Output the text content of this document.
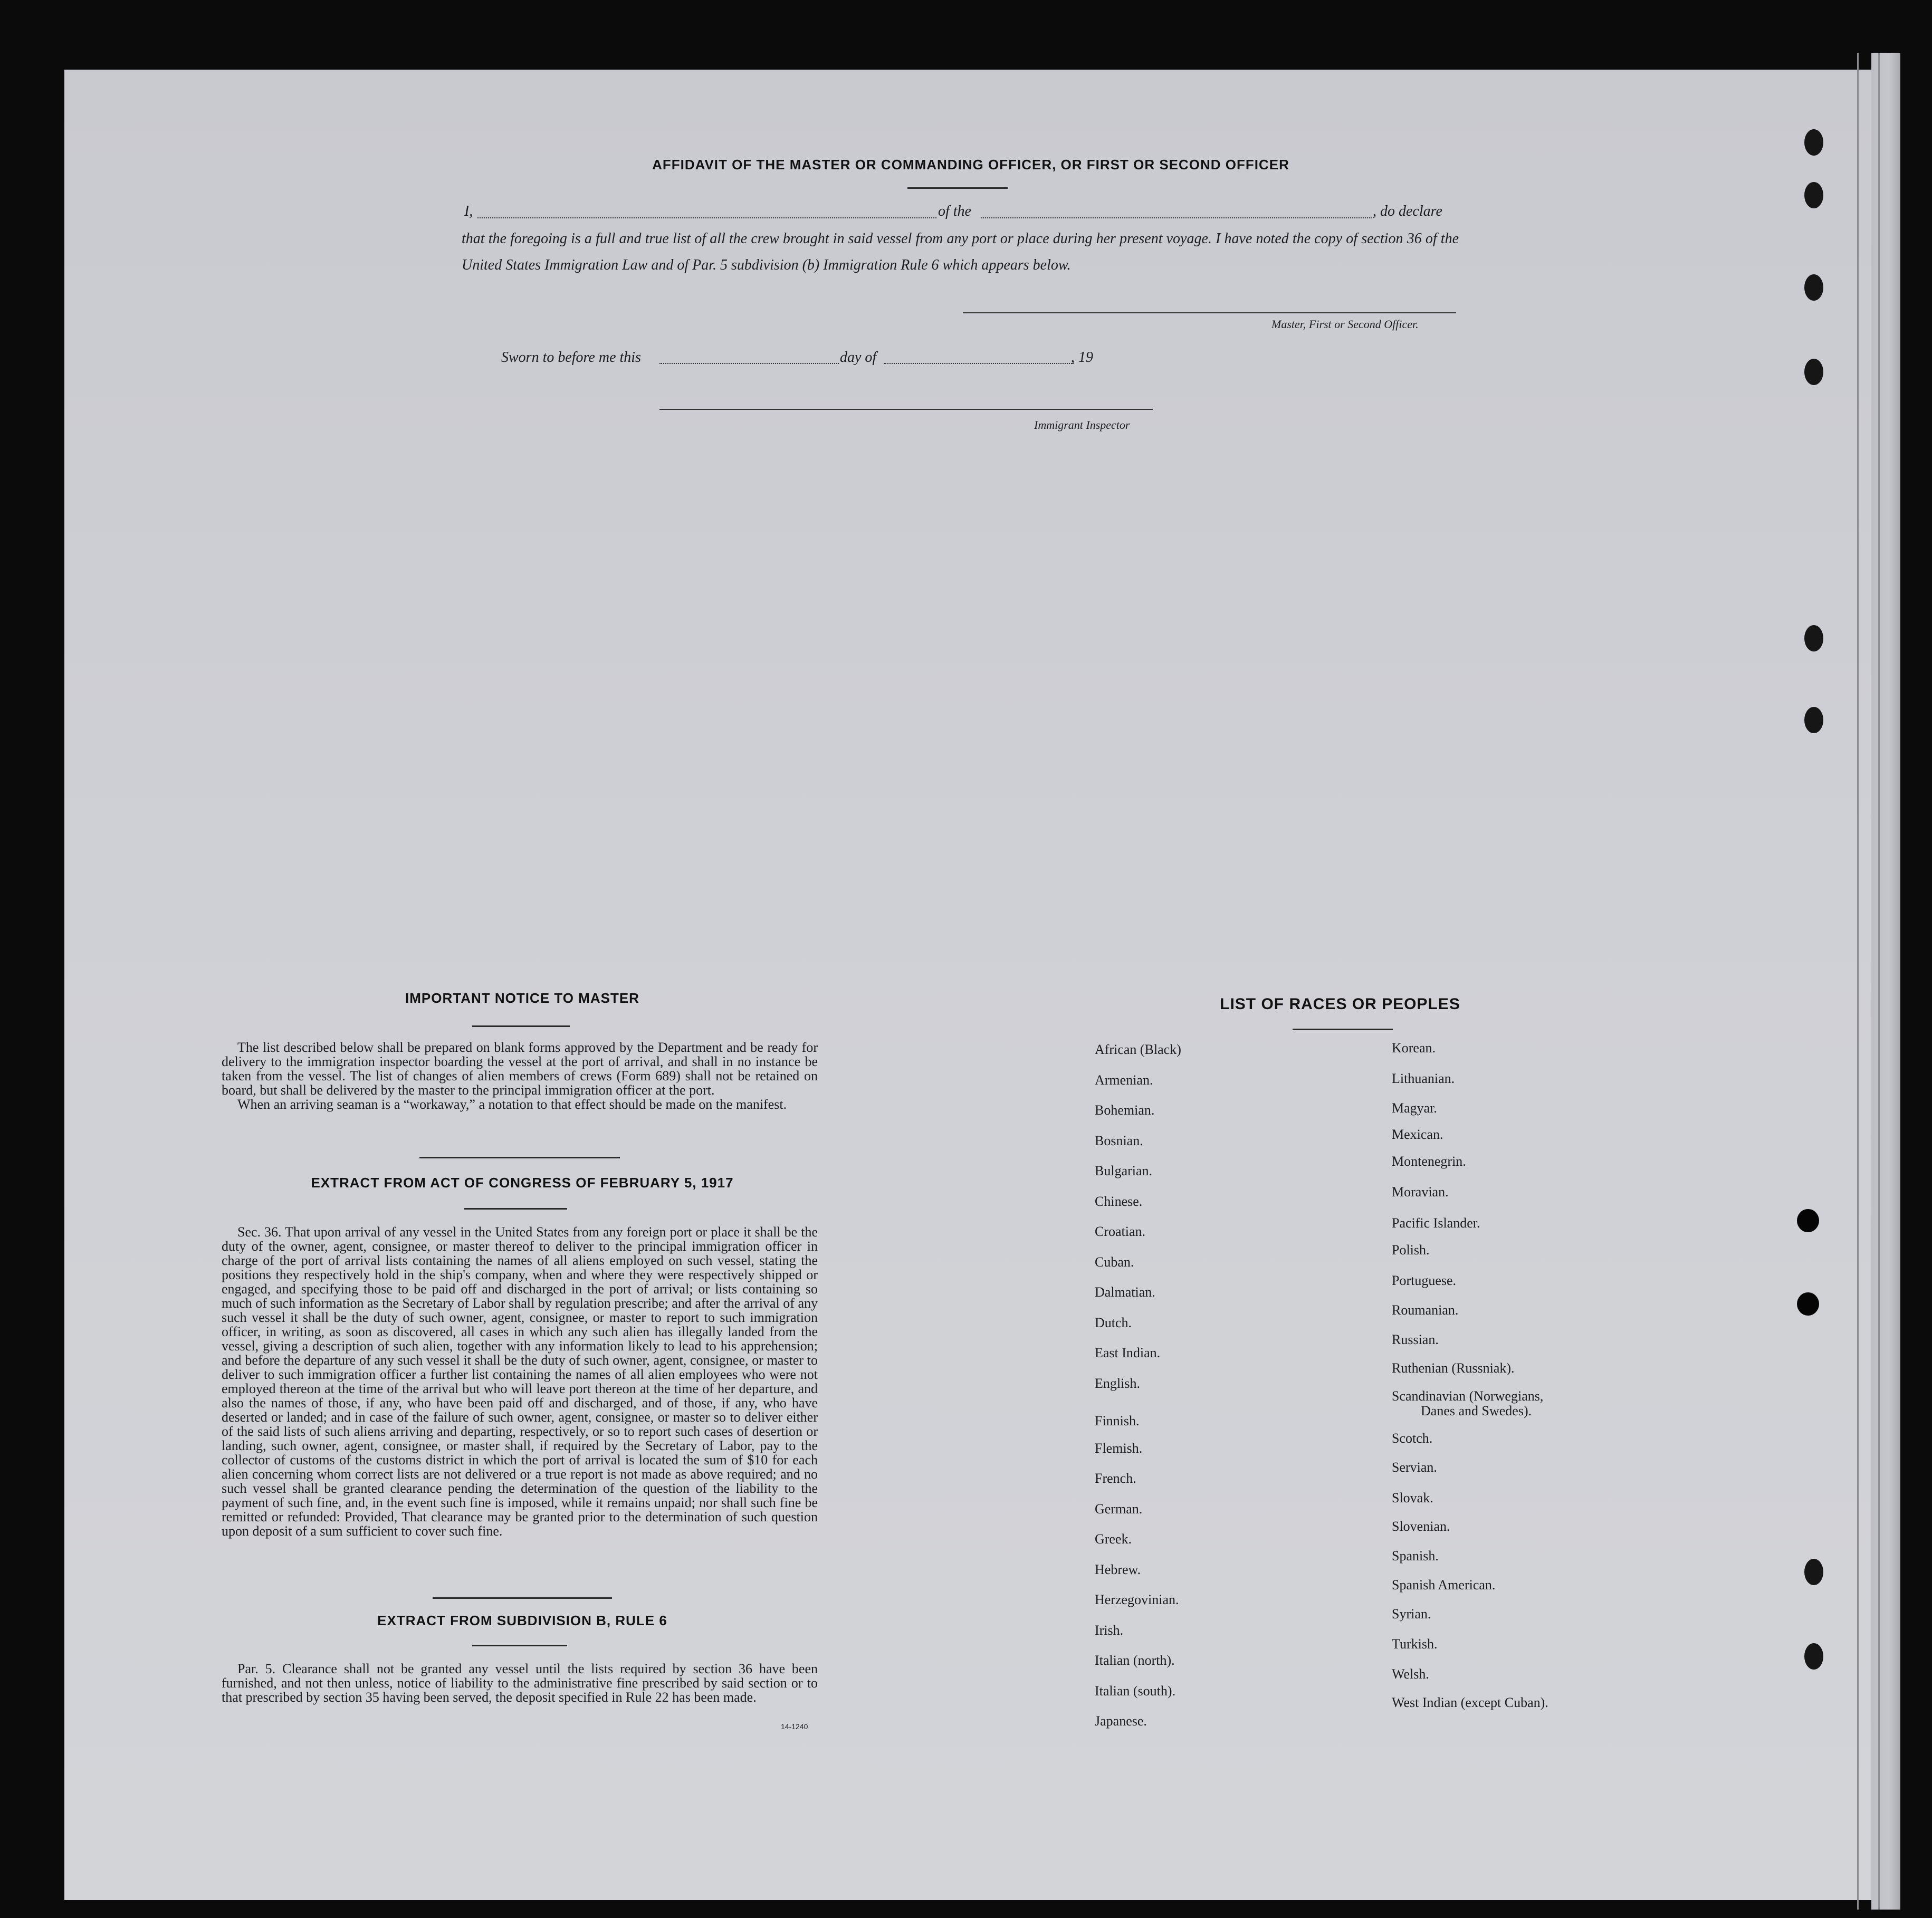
AFFIDAVIT OF THE MASTER OR COMMANDING OFFICER, OR FIRST OR SECOND OFFICER
I,	of the	, do declare
that the foregoing is a full and true list of all the crew brought in said vessel from any port or place during her present voyage. I have noted the copy of section 36 of the United States Immigration Law and of Par. 5 subdivision (b) Immigration Rule 6 which appears below.
Master, First or Second Officer.
Sworn to before me this	day of	, 19
Immigrant Inspector
IMPORTANT NOTICE TO MASTER

The list described below shall be prepared on blank forms approved by the Department and be ready for delivery to the immigration inspector boarding the vessel at the port of arrival, and shall in no instance be taken from the vessel. The list of changes of alien members of crews (Form 689) shall not be retained on board, but shall be delivered by the master to the principal immigration officer at the port.

When an arriving seaman is a “workaway,” a notation to that effect should be made on the manifest.

EXTRACT FROM ACT OF CONGRESS OF FEBRUARY 5, 1917

Sec. 36. That upon arrival of any vessel in the United States from any foreign port or place it shall be the duty of the owner, agent, consignee, or master thereof to deliver to the principal immigration officer in charge of the port of arrival lists containing the names of all aliens employed on such vessel, stating the positions they respectively hold in the ship's company, when and where they were respectively shipped or engaged, and specifying those to be paid off and discharged in the port of arrival; or lists containing so much of such information as the Secretary of Labor shall by regulation prescribe; and after the arrival of any such vessel it shall be the duty of such owner, agent, consignee, or master to report to such immigration officer, in writing, as soon as discovered, all cases in which any such alien has illegally landed from the vessel, giving a description of such alien, together with any information likely to lead to his apprehension; and before the departure of any such vessel it shall be the duty of such owner, agent, consignee, or master to deliver to such immigration officer a further list containing the names of all alien employees who were not employed thereon at the time of the arrival but who will leave port thereon at the time of her departure, and also the names of those, if any, who have been paid off and discharged, and of those, if any, who have deserted or landed; and in case of the failure of such owner, agent, consignee, or master so to deliver either of the said lists of such aliens arriving and departing, respectively, or so to report such cases of desertion or landing, such owner, agent, consignee, or master shall, if required by the Secretary of Labor, pay to the collector of customs of the customs district in which the port of arrival is located the sum of $10 for each alien concerning whom correct lists are not delivered or a true report is not made as above required; and no such vessel shall be granted clearance pending the determination of the question of the liability to the payment of such fine, and, in the event such fine is imposed, while it remains unpaid; nor shall such fine be remitted or refunded: Provided, That clearance may be granted prior to the determination of such question upon deposit of a sum sufficient to cover such fine.

EXTRACT FROM SUBDIVISION B, RULE 6

Par. 5. Clearance shall not be granted any vessel until the lists required by section 36 have been furnished, and not then unless, notice of liability to the administrative fine prescribed by said section or to that prescribed by section 35 having been served, the deposit specified in Rule 22 has been made.

14-1240
LIST OF RACES OR PEOPLES
African (Black)
Armenian.
Bohemian.
Bosnian.
Bulgarian.
Chinese.
Croatian.
Cuban.
Dalmatian.
Dutch.
East Indian.
English.
Finnish.
Flemish.
French.
German.
Greek.
Hebrew.
Herzegovinian.
Irish.
Italian (north).
Italian (south).
Japanese.
Korean.
Lithuanian.
Magyar.
Mexican.
Montenegrin.
Moravian.
Pacific Islander.
Polish.
Portuguese.
Roumanian.
Russian.
Ruthenian (Russniak).
Scandinavian (Norwegians,
Danes and Swedes).
Scotch.
Servian.
Slovak.
Slovenian.
Spanish.
Spanish American.
Syrian.
Turkish.
Welsh.
West Indian (except Cuban).
